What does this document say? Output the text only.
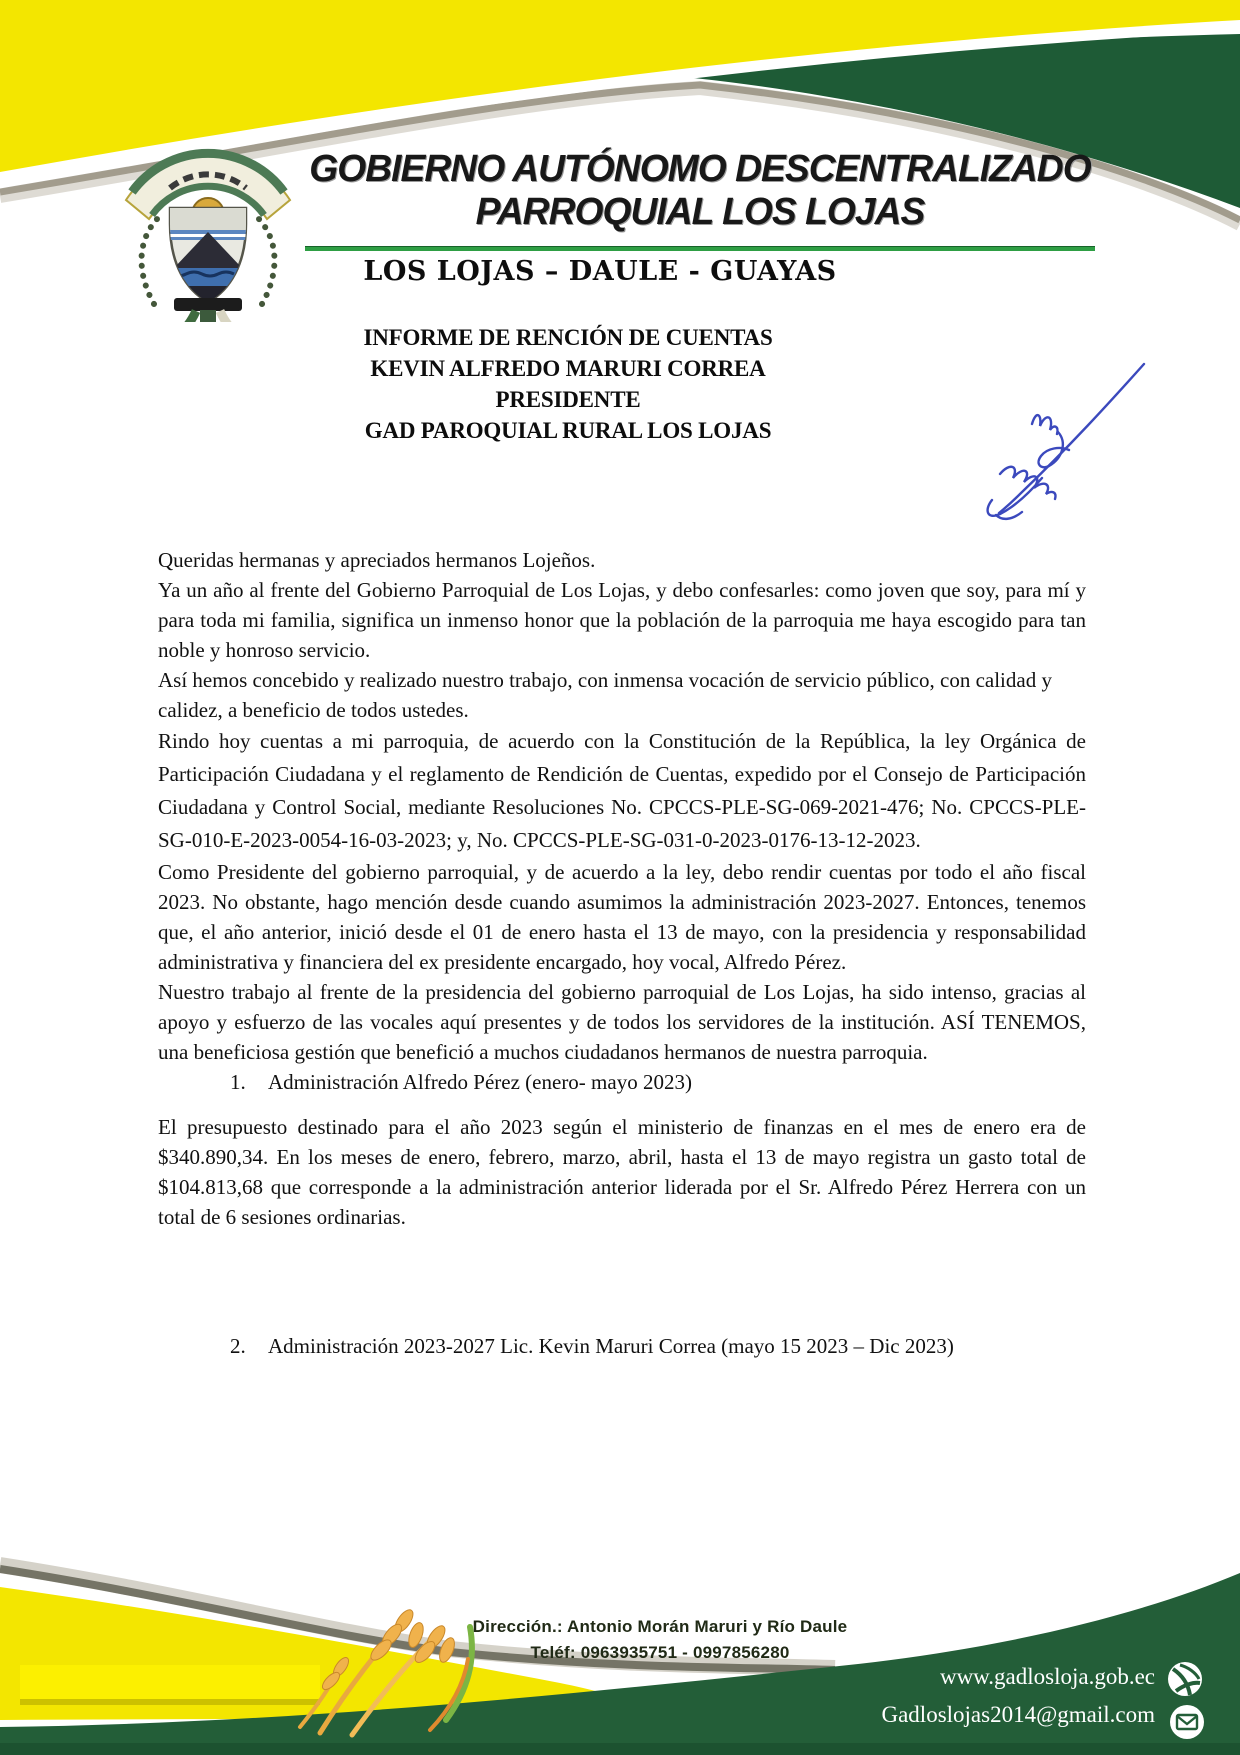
GOBIERNO AUTÓNOMO DESCENTRALIZADO
PARROQUIAL LOS LOJAS
LOS LOJAS – DAULE - GUAYAS
INFORME DE RENCIÓN DE CUENTAS
KEVIN ALFREDO MARURI CORREA
PRESIDENTE
GAD PAROQUIAL RURAL LOS LOJAS

Queridas hermanas y apreciados hermanos Lojeños.

Ya un año al frente del Gobierno Parroquial de Los Lojas, y debo confesarles: como joven que soy, para mí y para toda mi familia, significa un inmenso honor que la población de la parroquia me haya escogido para tan noble y honroso servicio.

Así hemos concebido y realizado nuestro trabajo, con inmensa vocación de servicio público, con calidad y calidez, a beneficio de todos ustedes.

Rindo hoy cuentas a mi parroquia, de acuerdo con la Constitución de la República, la ley Orgánica de Participación Ciudadana y el reglamento de Rendición de Cuentas, expedido por el Consejo de Participación Ciudadana y Control Social, mediante Resoluciones No. CPCCS-PLE-SG-069-2021-476; No. CPCCS-PLE-SG-010-E-2023-0054-16-03-2023; y, No. CPCCS-PLE-SG-031-0-2023-0176-13-12-2023.

Como Presidente del gobierno parroquial, y de acuerdo a la ley, debo rendir cuentas por todo el año fiscal 2023. No obstante, hago mención desde cuando asumimos la administración 2023-2027. Entonces, tenemos que, el año anterior, inició desde el 01 de enero hasta el 13 de mayo, con la presidencia y responsabilidad administrativa y financiera del ex presidente encargado, hoy vocal, Alfredo Pérez.

Nuestro trabajo al frente de la presidencia del gobierno parroquial de Los Lojas, ha sido intenso, gracias al apoyo y esfuerzo de las vocales aquí presentes y de todos los servidores de la institución. ASÍ TENEMOS, una beneficiosa gestión que benefició a muchos ciudadanos hermanos de nuestra parroquia.

1. Administración Alfredo Pérez (enero- mayo 2023)

El presupuesto destinado para el año 2023 según el ministerio de finanzas en el mes de enero era de $340.890,34. En los meses de enero, febrero, marzo, abril, hasta el 13 de mayo registra un gasto total de $104.813,68 que corresponde a la administración anterior liderada por el Sr. Alfredo Pérez Herrera con un total de 6 sesiones ordinarias.

2. Administración 2023-2027 Lic. Kevin Maruri Correa (mayo 15 2023 – Dic 2023)
Dirección.: Antonio Morán Maruri y Río Daule
Teléf: 0963935751 - 0997856280
www.gadlosloja.gob.ec
Gadloslojas2014@gmail.com
